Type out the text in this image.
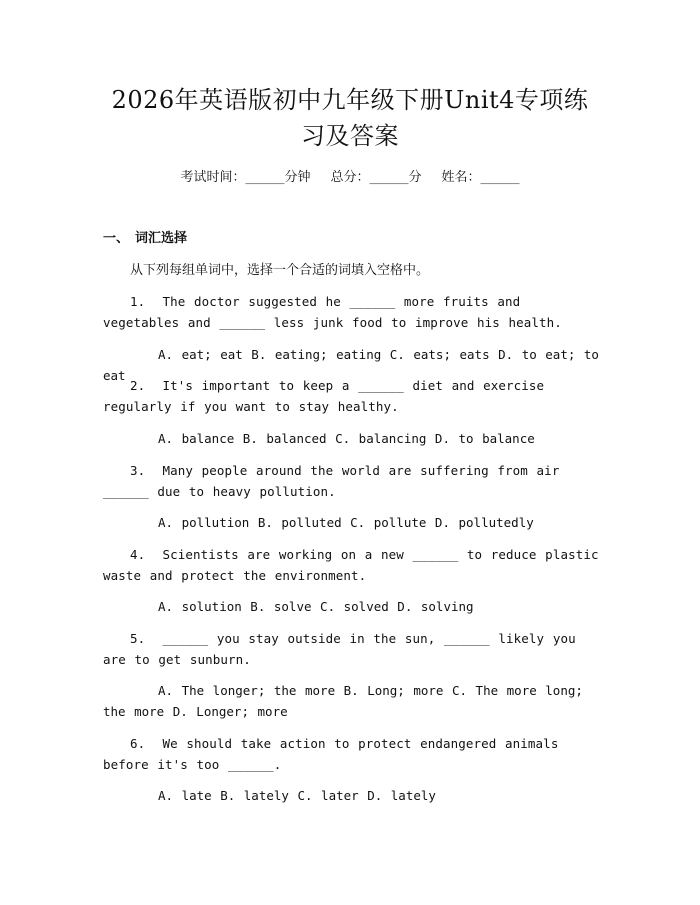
2026年英语版初中九年级下册Unit4专项练
习及答案
考试时间：______分钟 总分：______分 姓名：______
一、 词汇选择
从下列每组单词中，选择一个合适的词填入空格中。
1. The doctor suggested he ______ more fruits and vegetables and ______ less junk food to improve his health.
A. eat; eat B. eating; eating C. eats; eats D. to eat; to eat
2. It's important to keep a ______ diet and exercise regularly if you want to stay healthy.
A. balance B. balanced C. balancing D. to balance
3. Many people around the world are suffering from air ______ due to heavy pollution.
A. pollution B. polluted C. pollute D. pollutedly
4. Scientists are working on a new ______ to reduce plastic waste and protect the environment.
A. solution B. solve C. solved D. solving
5. ______ you stay outside in the sun, ______ likely you are to get sunburn.
A. The longer; the more B. Long; more C. The more long; the more D. Longer; more
6. We should take action to protect endangered animals before it's too ______.
A. late B. lately C. later D. lately
